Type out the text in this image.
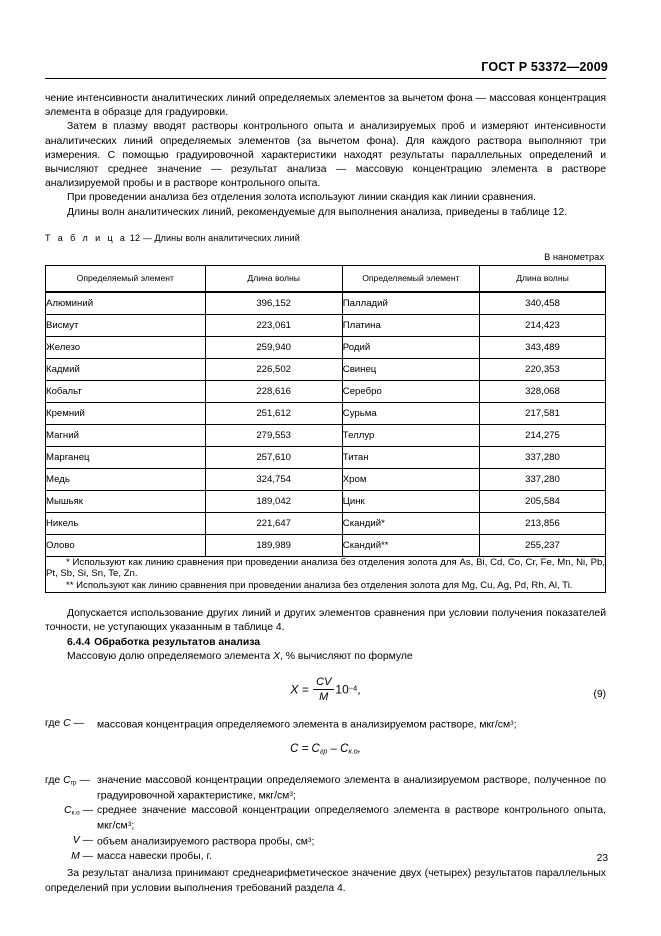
ГОСТ Р 53372—2009

чение интенсивности аналитических линий определяемых элементов за вычетом фона — массовая концентрация элемента в образце для градуировки.

Затем в плазму вводят растворы контрольного опыта и анализируемых проб и измеряют интенсивности аналитических линий определяемых элементов (за вычетом фона). Для каждого раствора выполняют три измерения. С помощью градуировочной характеристики находят результаты параллельных определений и вычисляют среднее значение — результат анализа — массовую концентрацию элемента в растворе анализируемой пробы и в растворе контрольного опыта.

При проведении анализа без отделения золота используют линии скандия как линии сравнения.

Длины волн аналитических линий, рекомендуемые для выполнения анализа, приведены в таблице 12.

Т а б л и ц а 12 — Длины волн аналитических линий
В нанометрах
Определяемый элемент	Длина волны	Определяемый элемент	Длина волны
Алюминий	396,152	Палладий	340,458
Висмут	223,061	Платина	214,423
Железо	259,940	Родий	343,489
Кадмий	226,502	Свинец	220,353
Кобальт	228,616	Серебро	328,068
Кремний	251,612	Сурьма	217,581
Магний	279,553	Теллур	214,275
Марганец	257,610	Титан	337,280
Медь	324,754	Хром	337,280
Мышьяк	189,042	Цинк	205,584
Никель	221,647	Скандий*	213,856
Олово	189,989	Скандий**	255,237

* Используют как линию сравнения при проведении анализа без отделения золота для As, Bi, Cd, Co, Cr, Fe, Mn, Ni, Pb, Pt, Sb, Si, Sn, Te, Zn.
** Используют как линию сравнения при проведении анализа без отделения золота для Mg, Cu, Ag, Pd, Rh, Al, Ti.			

Допускается использование других линий и других элементов сравнения при условии получения показателей точности, не уступающих указанным в таблице 4.

6.4.4 Обработка результатов анализа

Массовую долю определяемого элемента X, % вычисляют по формуле

$X = \frac{CV}{M} 10^{-4}$,	(9)
где C —	массовая концентрация определяемого элемента в анализируемом растворе, мкг/$см^3$;
$C = C_{гр} - C_{к.о}$,
где $C_{гр}$ — значение массовой концентрации определяемого элемента в анализируемом растворе, полученное по градуировочной характеристике, мкг/$см^3$;
$C_{к.о}$ — среднее значение массовой концентрации определяемого элемента в растворе контрольного опыта, мкг/$см^3$;
V — объем анализируемого раствора пробы, $см^3$;
M — масса навески пробы, г.

За результат анализа принимают среднеарифметическое значение двух (четырех) результатов параллельных определений при условии выполнения требований раздела 4.

23
